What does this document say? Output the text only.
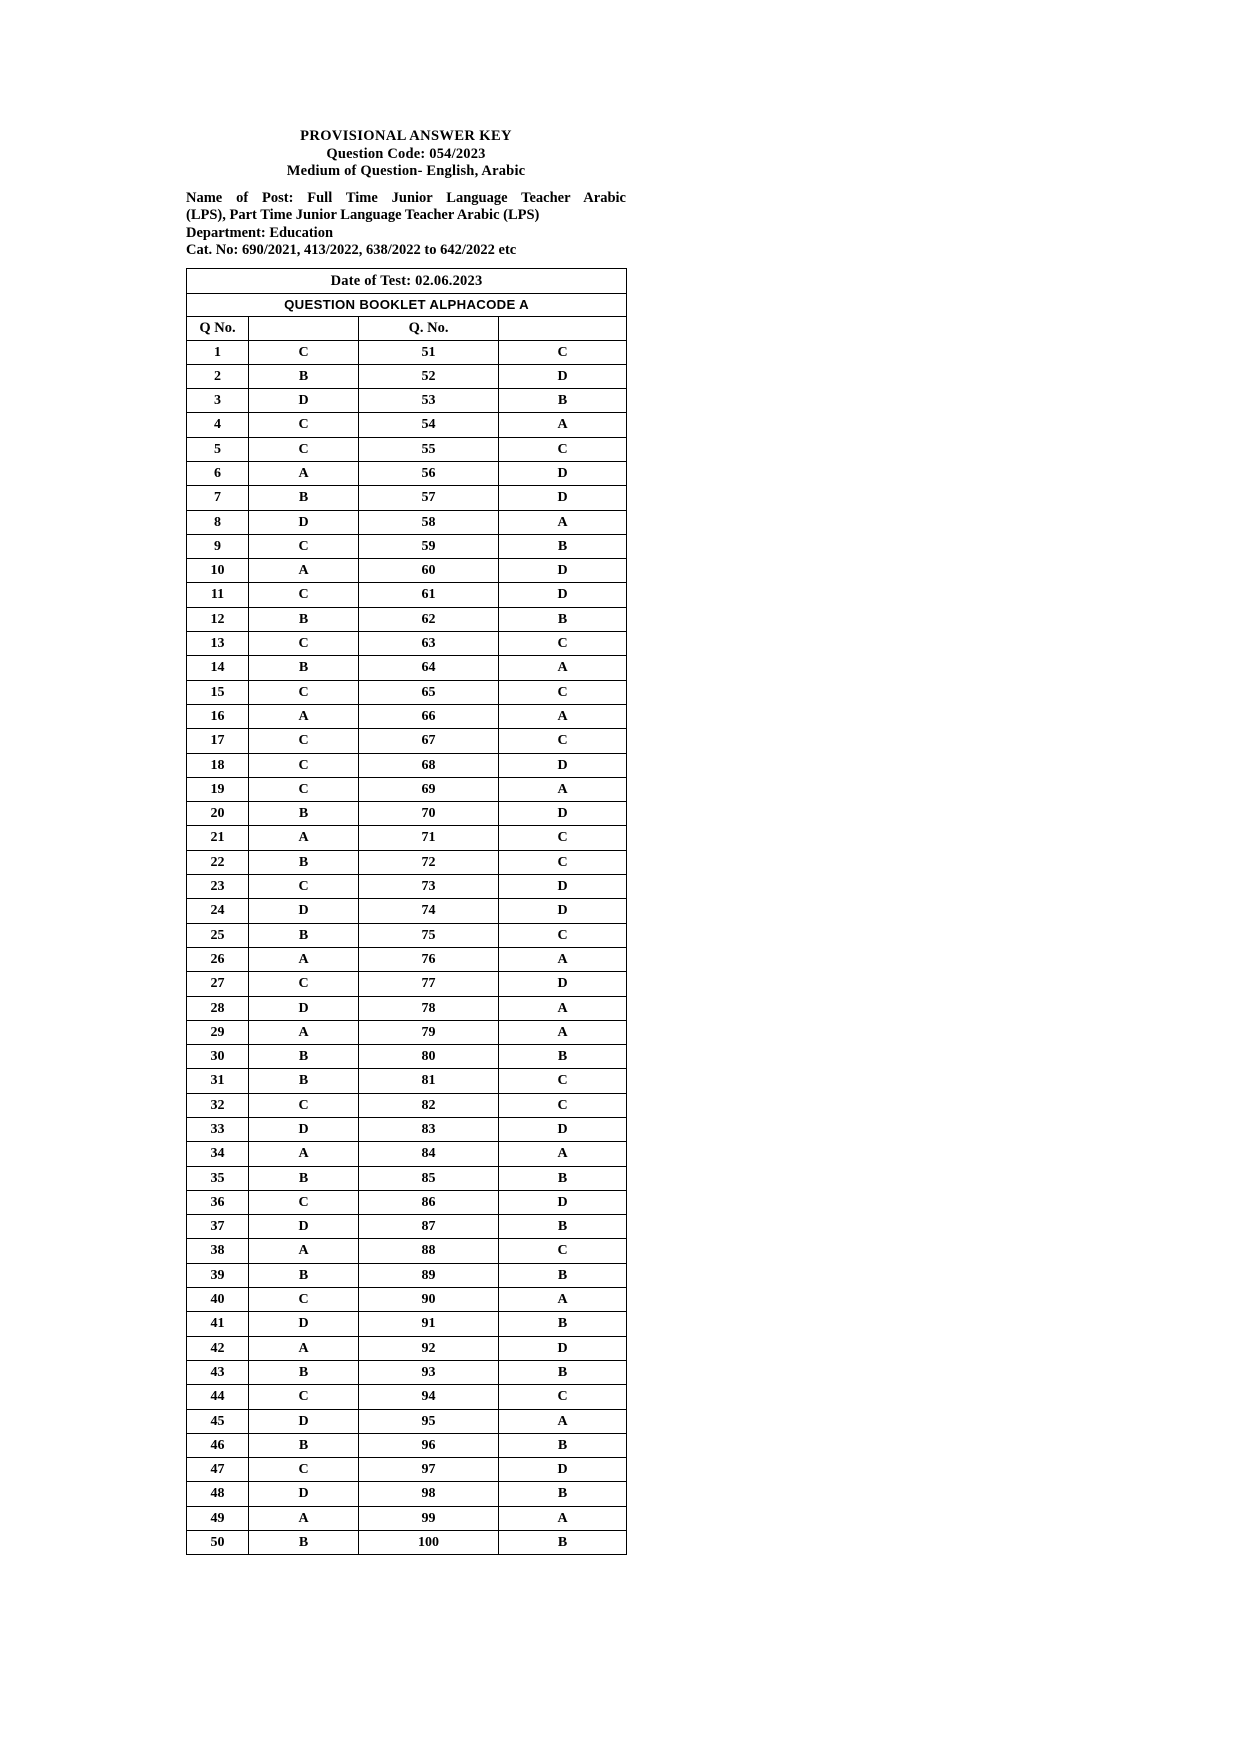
PROVISIONAL ANSWER KEY
Question Code: 054/2023
Medium of Question- English, Arabic
Name of Post: Full Time Junior Language Teacher Arabic
(LPS), Part Time Junior Language Teacher Arabic (LPS)
Department: Education
Cat. No: 690/2021, 413/2022, 638/2022 to 642/2022 etc
Date of Test: 02.06.2023			
QUESTION BOOKLET ALPHACODE A			
Q No.		Q. No.	
1	C	51	C
2	B	52	D
3	D	53	B
4	C	54	A
5	C	55	C
6	A	56	D
7	B	57	D
8	D	58	A
9	C	59	B
10	A	60	D
11	C	61	D
12	B	62	B
13	C	63	C
14	B	64	A
15	C	65	C
16	A	66	A
17	C	67	C
18	C	68	D
19	C	69	A
20	B	70	D
21	A	71	C
22	B	72	C
23	C	73	D
24	D	74	D
25	B	75	C
26	A	76	A
27	C	77	D
28	D	78	A
29	A	79	A
30	B	80	B
31	B	81	C
32	C	82	C
33	D	83	D
34	A	84	A
35	B	85	B
36	C	86	D
37	D	87	B
38	A	88	C
39	B	89	B
40	C	90	A
41	D	91	B
42	A	92	D
43	B	93	B
44	C	94	C
45	D	95	A
46	B	96	B
47	C	97	D
48	D	98	B
49	A	99	A
50	B	100	B
